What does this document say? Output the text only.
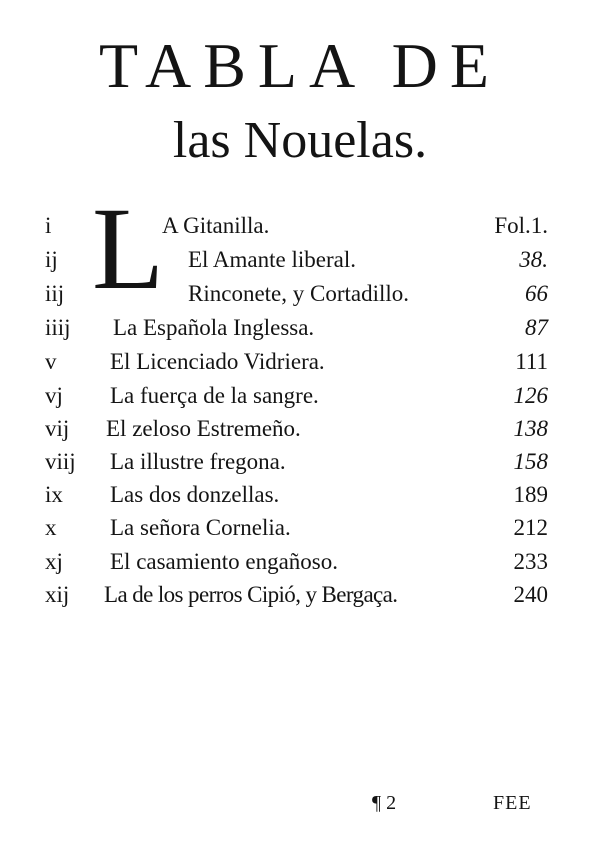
TABLA DE
las Nouelas.
L
i	A Gitanilla.	Fol.1.
ij	El Amante liberal.	38.
iij	Rinconete, y Cortadillo.	66
iiij La Española Inglessa.	87
v El Licenciado Vidriera.	111
vj La fuerça de la sangre.	126
vij El zeloso Estremeño.	138
viij La illustre fregona.	158
ix Las dos donzellas.	189
x La señora Cornelia.	212
xj El casamiento engañoso.	233
xij La de los perros Cipió, y Bergaça.	240
¶ 2	FEE
